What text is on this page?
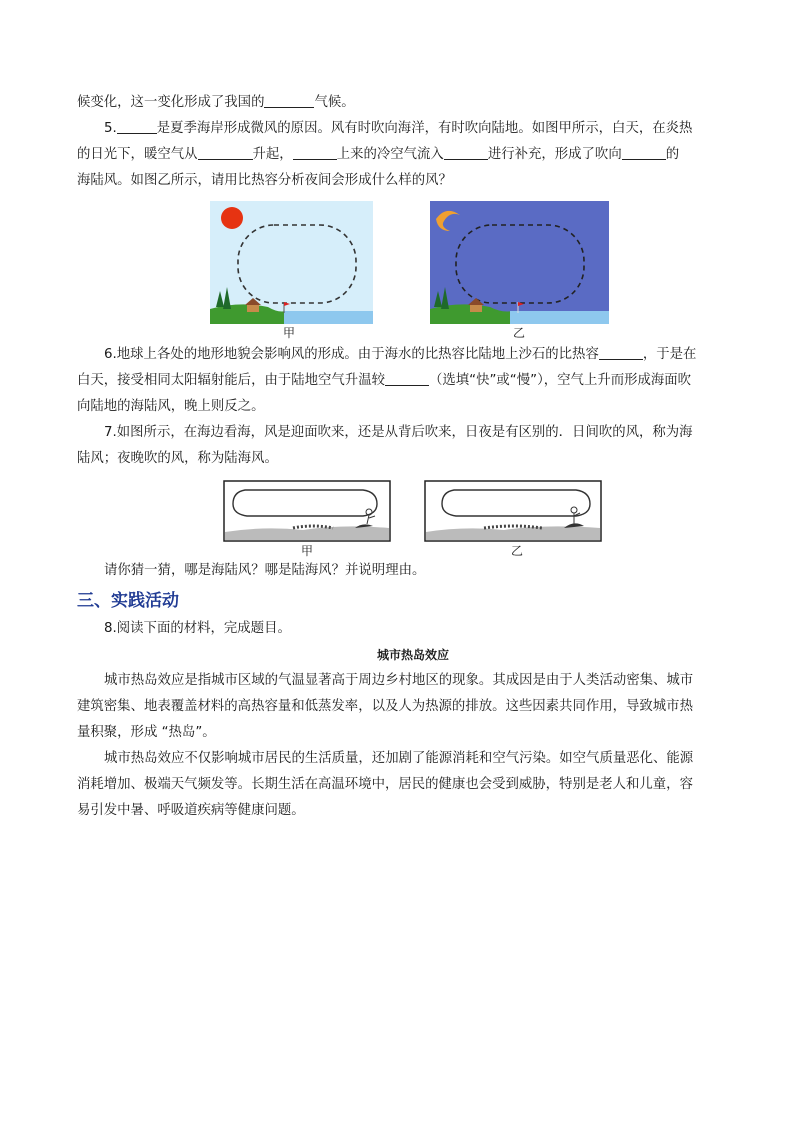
候变化，这一变化形成了我国的	气候。
5.	是夏季海岸形成微风的原因。风有时吹向海洋，有时吹向陆地。如图甲所示，白天，在炎热
的日光下，暖空气从	升起，	上来的冷空气流入	进行补充，形成了吹向	的
海陆风。如图乙所示，请用比热容分析夜间会形成什么样的风？
甲	乙
6.地球上各处的地形地貌会影响风的形成。由于海水的比热容比陆地上沙石的比热容	，于是在
白天，接受相同太阳辐射能后，由于陆地空气升温较	（选填“快”或“慢”），空气上升而形成海面吹
向陆地的海陆风，晚上则反之。
7.如图所示，在海边看海，风是迎面吹来，还是从背后吹来，日夜是有区别的．日间吹的风，称为海
陆风；夜晚吹的风，称为陆海风。
甲	乙
请你猜一猜，哪是海陆风？哪是陆海风？并说明理由。
三、实践活动
8.阅读下面的材料，完成题目。
城市热岛效应
城市热岛效应是指城市区域的气温显著高于周边乡村地区的现象。其成因是由于人类活动密集、城市
建筑密集、地表覆盖材料的高热容量和低蒸发率，以及人为热源的排放。这些因素共同作用，导致城市热
量积聚，形成 “热岛”。
城市热岛效应不仅影响城市居民的生活质量，还加剧了能源消耗和空气污染。如空气质量恶化、能源
消耗增加、极端天气频发等。长期生活在高温环境中，居民的健康也会受到威胁，特别是老人和儿童，容
易引发中暑、呼吸道疾病等健康问题。
